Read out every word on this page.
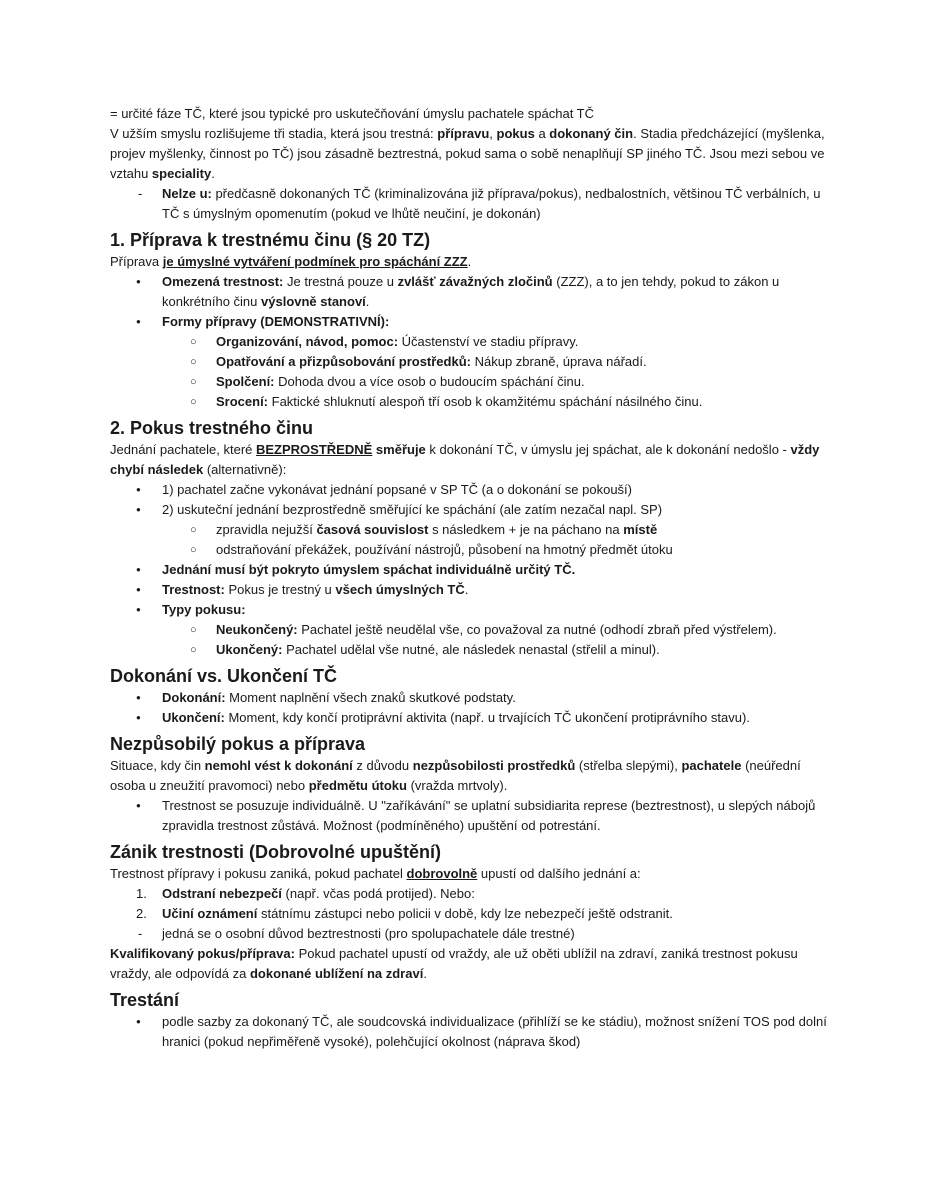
= určité fáze TČ, které jsou typické pro uskutečňování úmyslu pachatele spáchat TČ

V užším smyslu rozlišujeme tři stadia, která jsou trestná: přípravu, pokus a dokonaný čin. Stadia předcházející (myšlenka, projev myšlenky, činnost po TČ) jsou zásadně beztrestná, pokud sama o sobě nenaplňují SP jiného TČ. Jsou mezi sebou ve vztahu speciality.

- Nelze u: předčasně dokonaných TČ (kriminalizována již příprava/pokus), nedbalostních, většinou TČ verbálních, u TČ s úmyslným opomenutím (pokud ve lhůtě neučiní, je dokonán)
1. Příprava k trestnému činu (§ 20 TZ)

Příprava je úmyslné vytváření podmínek pro spáchání ZZZ.

● Omezená trestnost: Je trestná pouze u zvlášť závažných zločinů (ZZZ), a to jen tehdy, pokud to zákon u konkrétního činu výslovně stanoví.
● Formy přípravy (DEMONSTRATIVNÍ):
○ Organizování, návod, pomoc: Účastenství ve stadiu přípravy.
○ Opatřování a přizpůsobování prostředků: Nákup zbraně, úprava nářadí.
○ Spolčení: Dohoda dvou a více osob o budoucím spáchání činu.
○ Srocení: Faktické shluknutí alespoň tří osob k okamžitému spáchání násilného činu.
2. Pokus trestného činu

Jednání pachatele, které BEZPROSTŘEDNĚ směřuje k dokonání TČ, v úmyslu jej spáchat, ale k dokonání nedošlo - vždy chybí následek (alternativně):

● 1) pachatel začne vykonávat jednání popsané v SP TČ (a o dokonání se pokouší)
● 2) uskuteční jednání bezprostředně směřující ke spáchání (ale zatím nezačal napl. SP)
○ zpravidla nejužší časová souvislost s následkem + je na páchano na místě
○ odstraňování překážek, používání nástrojů, působení na hmotný předmět útoku
● Jednání musí být pokryto úmyslem spáchat individuálně určitý TČ.
● Trestnost: Pokus je trestný u všech úmyslných TČ.
● Typy pokusu:
○ Neukončený: Pachatel ještě neudělal vše, co považoval za nutné (odhodí zbraň před výstřelem).
○ Ukončený: Pachatel udělal vše nutné, ale následek nenastal (střelil a minul).
Dokonání vs. Ukončení TČ
● Dokonání: Moment naplnění všech znaků skutkové podstaty.
● Ukončení: Moment, kdy končí protiprávní aktivita (např. u trvajících TČ ukončení protiprávního stavu).
Nezpůsobilý pokus a příprava

Situace, kdy čin nemohl vést k dokonání z důvodu nezpůsobilosti prostředků (střelba slepými), pachatele (neúřední osoba u zneužití pravomoci) nebo předmětu útoku (vražda mrtvoly).

● Trestnost se posuzuje individuálně. U "zaříkávání" se uplatní subsidiarita represe (beztrestnost), u slepých nábojů zpravidla trestnost zůstává. Možnost (podmíněného) upuštění od potrestání.
Zánik trestnosti (Dobrovolné upuštění)

Trestnost přípravy i pokusu zaniká, pokud pachatel dobrovolně upustí od dalšího jednání a:

1. Odstraní nebezpečí (např. včas podá protijed). Nebo:
2. Učiní oznámení státnímu zástupci nebo policii v době, kdy lze nebezpečí ještě odstranit.
- jedná se o osobní důvod beztrestnosti (pro spolupachatele dále trestné)

Kvalifikovaný pokus/příprava: Pokud pachatel upustí od vraždy, ale už oběti ublížil na zdraví, zaniká trestnost pokusu vraždy, ale odpovídá za dokonané ublížení na zdraví.

Trestání
● podle sazby za dokonaný TČ, ale soudcovská individualizace (přihlíží se ke stádiu), možnost snížení TOS pod dolní hranici (pokud nepřiměřeně vysoké), polehčující okolnost (náprava škod)
